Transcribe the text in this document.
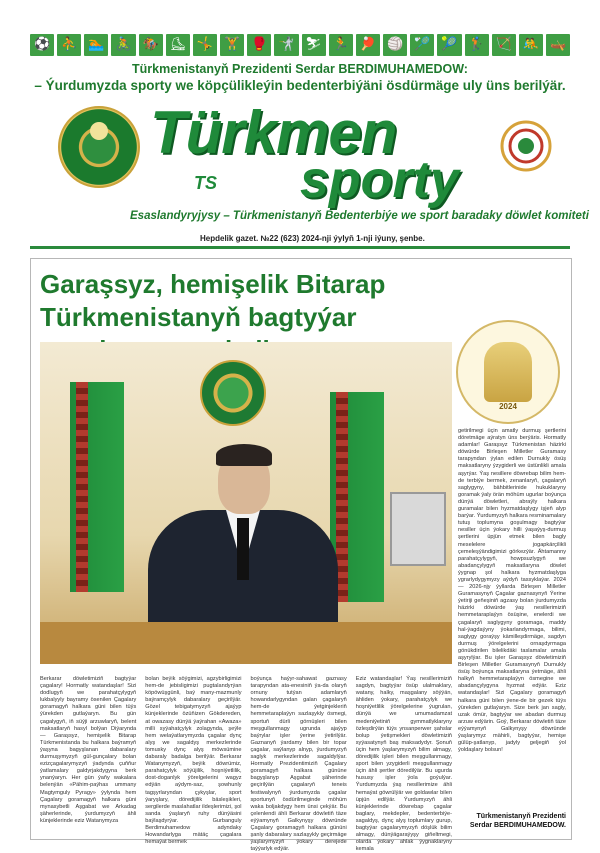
⚽ ⛹ 🏊 🚴 🏇 ⛸ 🤸 🏋 🥊 🤺 ⛷ 🏃 🏓 🏐 🏸 🎾 🏌 🏹 🤼 🛶
Türkmenistanyň Prezidenti Serdar BERDIMUHAMEDOW:
– Ýurdumyzda sporty we köpçülikleýin bedenterbiýäni ösdürmäge uly üns berilýär.
Türkmen
TS sporty
Esaslandyryjysy – Türkmenistanyň Bedenterbiýe we sport baradaky döwlet komiteti
Hepdelik gazet. №22 (623) 2024-nji ýylyň 1-nji iýuny, şenbe.
Garaşsyz, hemişelik Bitarap Türkmenistanyň bagtyýar
2024
Berkarar döwletimiziň bagtyýar çagalary! Hormatly watandaşlar! Sizi dodlugyň we parahatçylygyň lukbalyyly bayramy ösenilen Çagalary goramagyň halkara güni bilen tüýs ýürekden gutlaýaryn. Bu gün çagalygyň, iň süýji arzuwlaryň, belent maksatlaryň hasyl bolýan Diýarynda — Garaşsyz, hemişelik Bitarap Türkmenistanda bu halkara baýramyň ýaşyna bagyşlanan dabaralary durmuşymyzyň gül-gunçalary bolan ezizçagalarymyzyň ýadynda çuňňur ýatlamalary galdyrjakdygyna berk ynanýaryn. Her gün ýaňy wakalara belenýän «Pähim-paýhas ummany Magtymguly Pyragy» ýylynda hem Çagalary goramagyň halkara güni mynasybetli Aşgabat we Arkadag şäherlerinde, ýurdumyzyň ähli künjeklerinde eziz Watanymyza
bolan beýik söýgimizi, agzybirligimizi hem-de jebisligimizi pugtalandyrýan köpöwüşgünli, baý many-mazmunly baýramçylyk dabaralary geçirilýär. Gözel tebigatymyzyň ajaýyp künjeklerinde özüňizen Gökdereden, at owazasy dünýä ýaýrahan «Awaza» milli syýahatçylyk zolagynda, şeýle hem welaýatlarymyzda çagalar dynç alyş we sagaldyş merkezlerinde tomusky dynç alyş möwsümine dabaraly badalga berilýär. Berkarar Watanymyzyň, beýik döwrümiz, parahatçylyk söýüjilik, hoşniýetlilik, dost-doganlyk ýörelgelerini wagyz edýän aýdym-saz, şowhunly tagşyrlaryndan çykyşlar, sport ýaryşlary, döredijilik bäsleşikleri, sergilerde maslahatlar ildeşlerimizi, şol sanda ýaşlaryň ruhy dünýäsini baýlaşdyrýar. Gurbanguly Berdimuhamedow adyndaky Howandarlyga mätäç çagalara hemaýat bermek
boýunça haýyr-sahawat gaznasy tarapyndan ata-enesiniň ýa-da olaryň ornuny tutýan adamlaryň howandarlygyndan galan çagalaryň hem-de ýetginjekleriň hemmetaraplaýyn sazlaşykly ösmegi, sportuň dürli görnüşleri bilen meşgullanmagy ugrunda ajaýyp baýrylar işler ýerine ýetirilýär. Gaznanyň ýardamy bilen bir topar çagalar, saýlanyp alnyp, ýurdumyzyň saglyk merkezlerinde sagaldylýar. Hormatly Prezidentimiziň Çagalary goramagyň halkara gününe bagyşlanyp Aşgabat şäherinde geçirilýän çagalaryň teneis festiwalynyň ýurdumyzda çagalar sportunyň ösdürilmeginde möhüm waka boljakdygy hem ünsi çekýär. Bu çelenlendi ähli Berkarar döwletiň täze eýýamynyň Galkynyşy döwründe Çagalary goramagyň halkara gününi şanly dabaralary sazlaşykly geçirmäge ýaşlarymyzyň ýokary derejede taýýarlyk edýär.
Eziz watandaşlar! Ýaş nesillerimiziň sagdyn, bagtyýar ösüp ulalmaklary, watany, halky, maşgalany söýýän, ähliden ýokary, parahatçylyk we hoşniýetlilik ýörelgelerine ýugrulan, dünýä we umumadamzat medeniýetiniň gymmatlyklaryny özleşdirýän tüýs ynsanperwer şahslar bolup ýetişmekleri döwletimiziň syýasatynyň baş maksadydyr. Şonuň üçin hem ýaşlarymyzyň bilim almagy, döredijilik işleri bilen meşgullanmagy, sport bilen yzygiderli meşgullanmagy üçin ähli şertler döredilýär. Bu ugurda hususy işler ýola goýulýar. Ýurdumyzda ýaş nesillerimize ähli hemaýat göwrülýär we goldawlar bilen üpjün edilýär. Ýurdumyzyň ähli künjeklerinde döwrebap çagalar baglary, mekdepler, bedenterbiýe-sagaldyş, dynç alyş toplumlary gurup, bagtyýar çagalarymyzyň döşlük bilim almagy, dünýägaraýyşy giňeltmegi, olarda ýokary ahlak ýygnaklaryny kemala
getirilmegi üçin amatly durmuş şertlerini döretmäge aýratyn üns berýäris. Hormatly adamlar! Garaşsyz Türkmenistan häzirki döwürde Birleşen Milletler Guramasy tarapyndan ýylan edilen Durnukly ösüş maksatlaryny ýzygiderli we üstünlikli amala aşyrýar. Ýaş nesillere döwrebap bilim hem-de terbiýe bermek, zenanlaryň, çagalaryň saglygyny, bähbitlerinide hukuklaryny goramak ýaly örän möhüm ugurlar boýunça dünýä döwletleri, abraýly halkara guramalar bilen hyzmatdaşlygy işjeň alyp barýar. Ýurdumyzyň halkara resminamalary tutuş toplumyna goşulmagy bagtyýar nesiller üçin ýokary hilli ýaşaýyş-durmuş şertlerini üpjün etmek bilen bagly meselelere jogapkärçilikli çemeleşýändigimizi görkezýär. Ähtamanny parahatçylygyň, howpsuzlygyň we abadançylygyň maksatlaryna döwlet ýygnap şol halkara hyzmatdaşlyga ygrarlydygymyzy aýdyň tassyklaýar. 2024 — 2026-njy ýyllarda Birleşen Milletler Guramasynyň Çagalar gaznasynyň Ýerine ýetiriji geňeşiniň agzasy bolan ýurdumyzda häzirki döwürde ýaş nesillerimiziň hemmetaraplaýyn ösüşine, enelerdi we çagalaryň saglygyny goramaga, maddy hal-ýagdaýyny ýokarlandyrmaga, bilimi, saglygy goraýşy kämilleşdirmäge, sagdyn durmuş ýörelgelerini ornaşdyrmaga gönükdirilen bilelikdäki taslamalar amala aşyrylýar. Bu işler Garaşsyz döwletimiziň Birleşen Milletler Guramasynyň Durnukly ösüş boýunça maksatlaryna ýetmäge, ähli halkyň hemmetaraplaýyn ösmegine we abadançylygyna hyzmat edýär. Eziz watandaşlar! Sizi Çagalary goramagyň halkara güni bilen ýene-de bir gezek tüýs ýürekden gutlaýaryn. Size berk jan sagly, uzak ömür, bagtyýar we abadan durmuş arzuw edýärin. Goý, Berkarar döwletiň täze eýýamynyň Galkynyşy döwründe ýaşlarymyz mähirli, bagtyýar, hemişe gülüp-şatlanyp, jadyly geljegiň ýol ýoldaşlary bolsun!
Türkmenistanyň Prezidenti
Serdar BERDIMUHAMEDOW.
